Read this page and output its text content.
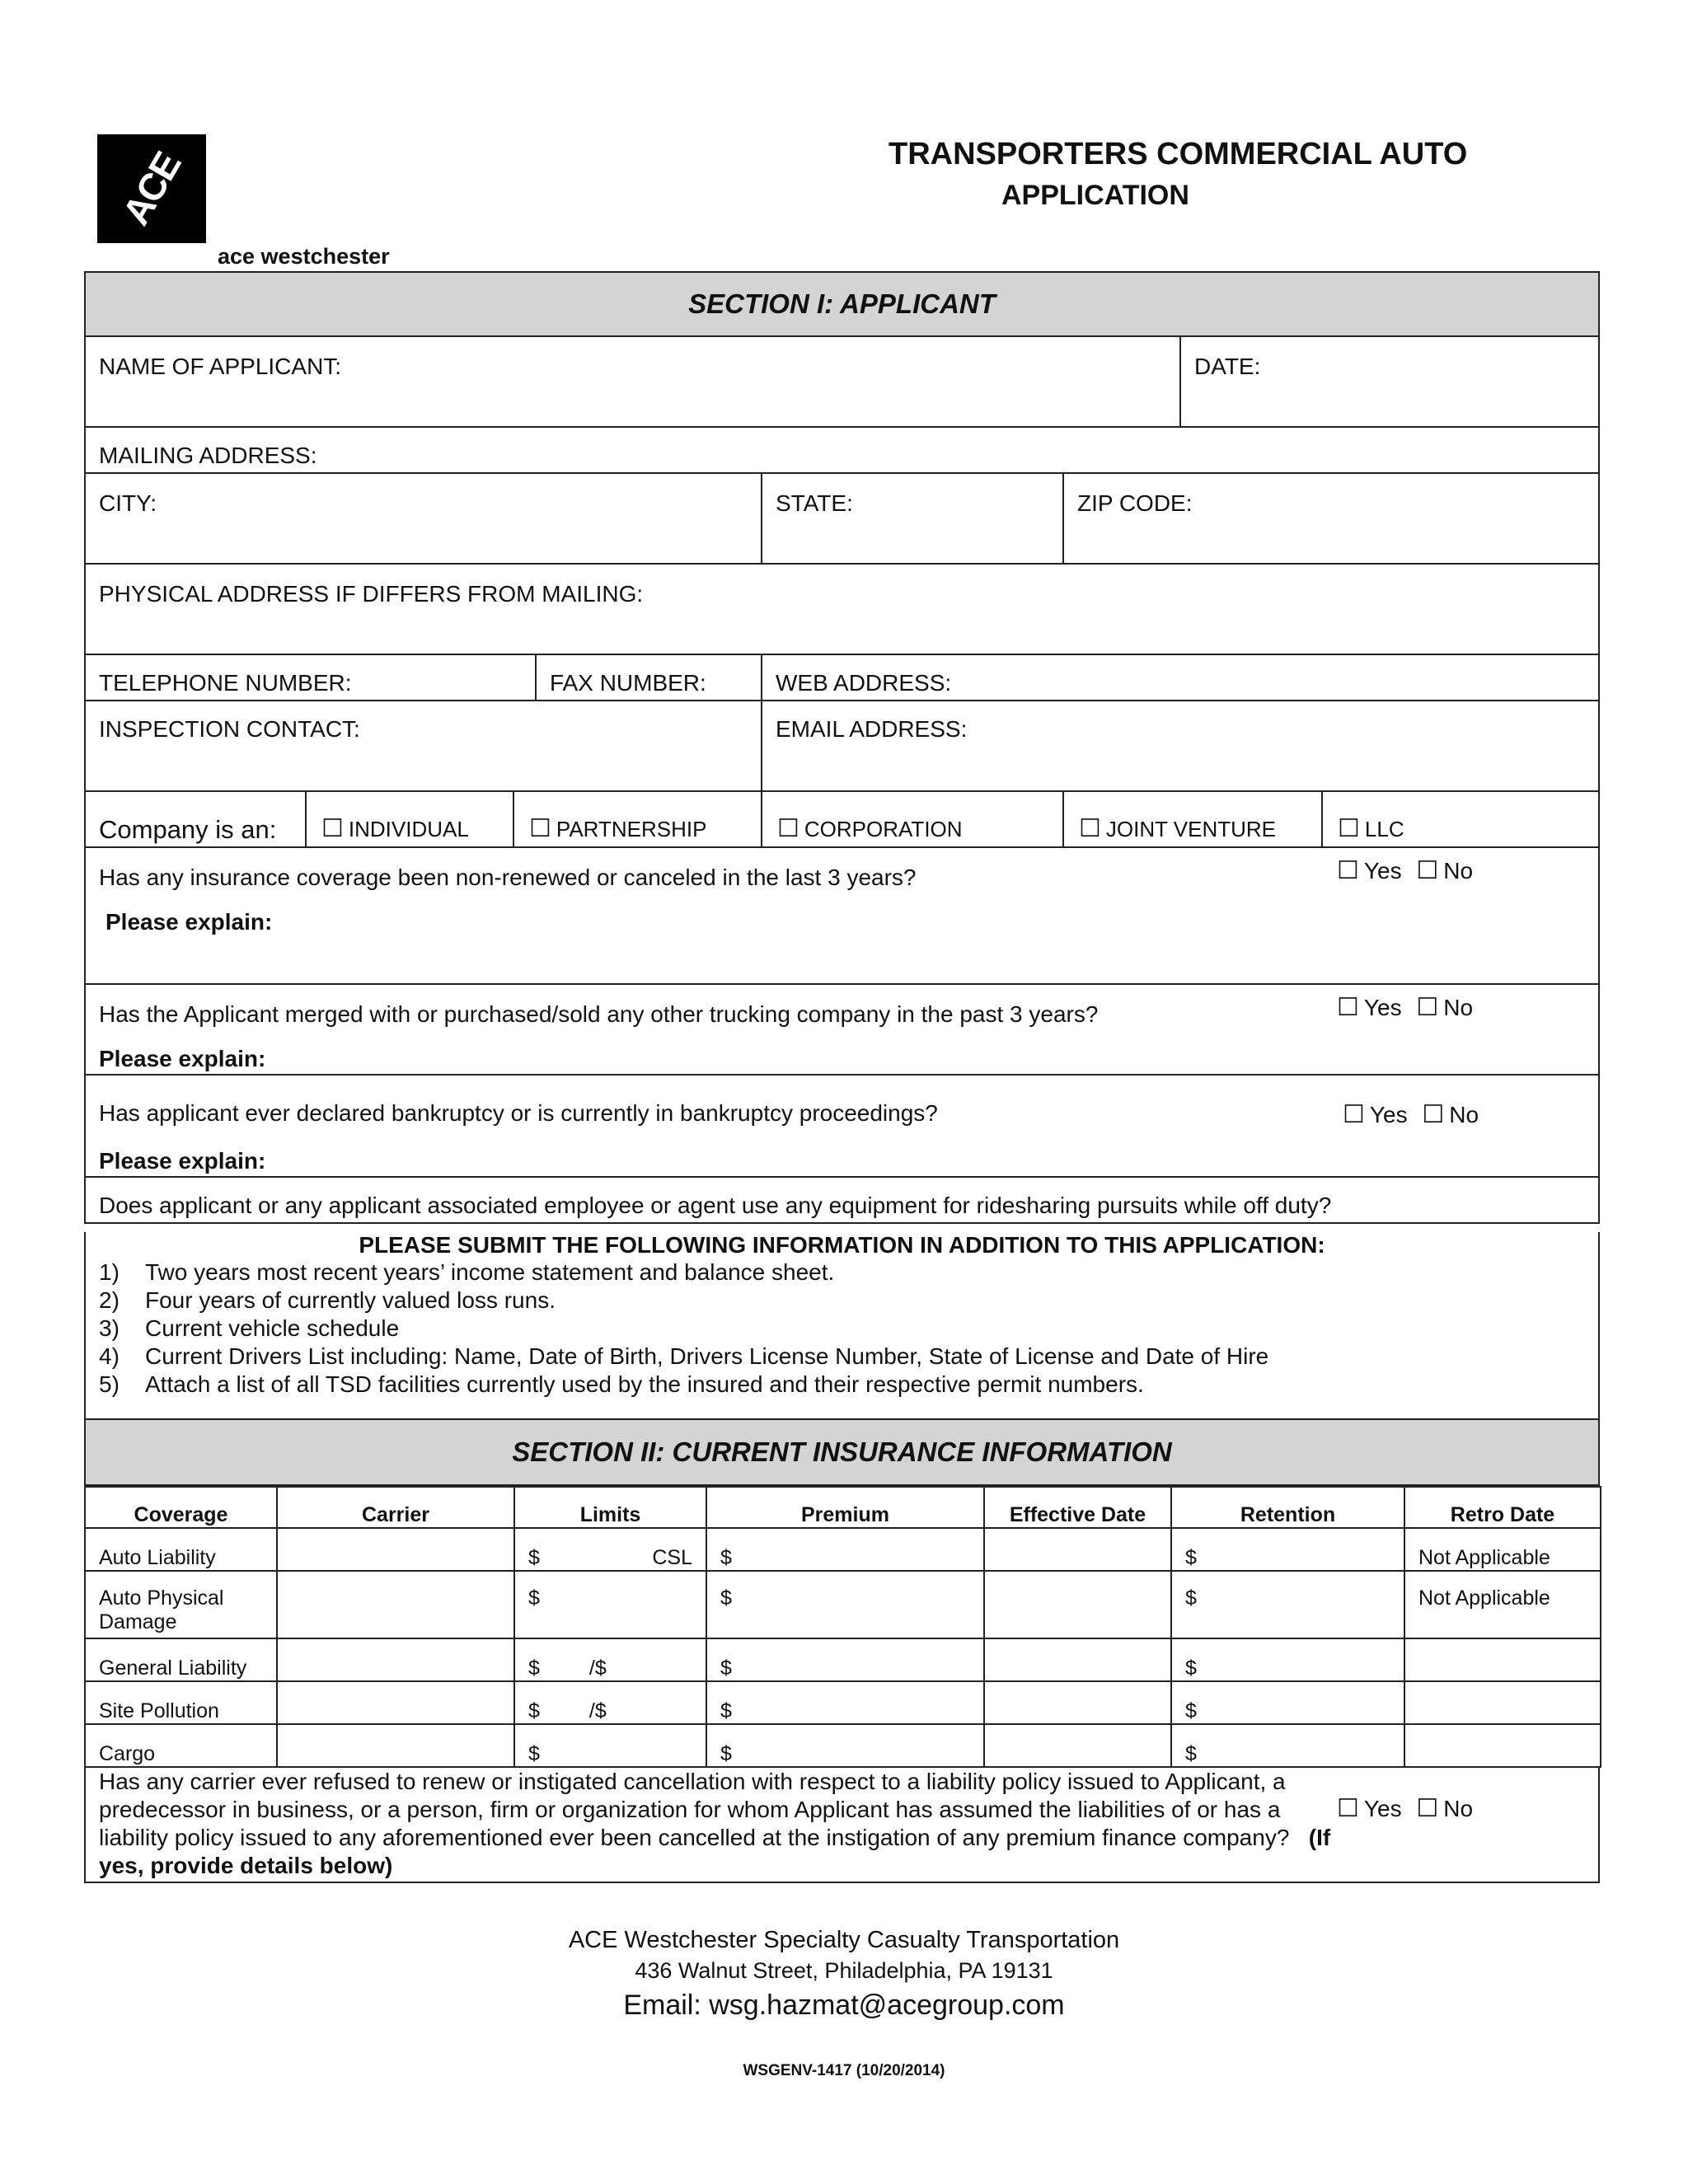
ACE
ace westchester
TRANSPORTERS COMMERCIAL AUTO
APPLICATION
SECTION I: APPLICANT
NAME OF APPLICANT:	DATE:
MAILING ADDRESS:
CITY:	STATE:	ZIP CODE:
PHYSICAL ADDRESS IF DIFFERS FROM MAILING:
TELEPHONE NUMBER:	FAX NUMBER:	WEB ADDRESS:
INSPECTION CONTACT:	EMAIL ADDRESS:
Company is an: ☐ INDIVIDUAL ☐ PARTNERSHIP	☐ CORPORATION	☐ JOINT VENTURE ☐ LLC
Has any insurance coverage been non-renewed or canceled in the last 3 years?	☐ Yes ☐ No
Please explain:
Has the Applicant merged with or purchased/sold any other trucking company in the past 3 years?	☐ Yes ☐ No
Please explain:
Has applicant ever declared bankruptcy or is currently in bankruptcy proceedings?	☐ Yes ☐ No
Please explain:
Does applicant or any applicant associated employee or agent use any equipment for ridesharing pursuits while off duty?
PLEASE SUBMIT THE FOLLOWING INFORMATION IN ADDITION TO THIS APPLICATION:
1) Two years most recent years’ income statement and balance sheet.
2) Four years of currently valued loss runs.
3) Current vehicle schedule
4) Current Drivers List including: Name, Date of Birth, Drivers License Number, State of License and Date of Hire
5) Attach a list of all TSD facilities currently used by the insured and their respective permit numbers.
SECTION II: CURRENT INSURANCE INFORMATION
Coverage	Carrier	Limits	Premium	Effective Date	Retention	Retro Date
Auto Liability		$ CSL	$		$	Not Applicable
Auto Physical Damage		$	$		$	Not Applicable
General Liability		$ /$	$		$	
Site Pollution		$ /$	$		$	
Cargo		$	$		$	
Has any carrier ever refused to renew or instigated cancellation with respect to a liability policy issued to Applicant, a predecessor in business, or a person, firm or organization for whom Applicant has assumed the liabilities of or has a liability policy issued to any aforementioned ever been cancelled at the instigation of any premium finance company? (If yes, provide details below)
☐ Yes ☐ No
ACE Westchester Specialty Casualty Transportation
436 Walnut Street, Philadelphia, PA 19131
Email: wsg.hazmat@acegroup.com
WSGENV-1417 (10/20/2014)
